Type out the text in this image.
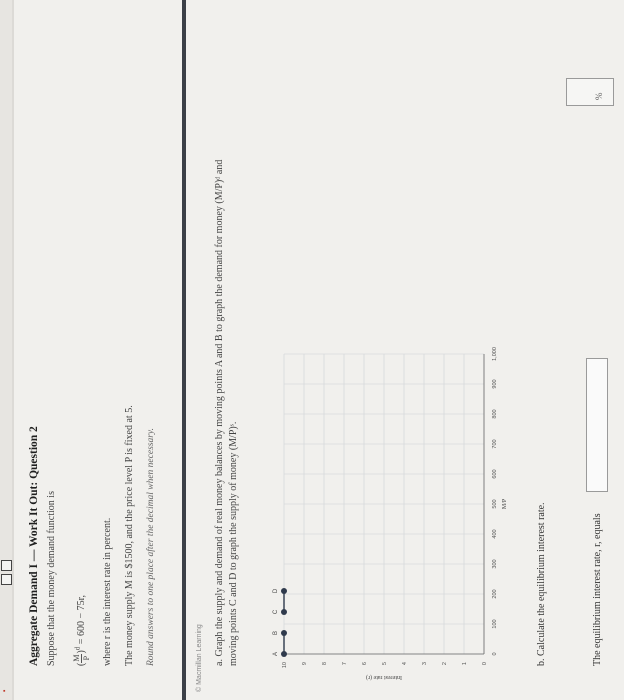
▪
Aggregate Demand I — Work It Out: Question 2 Suppose that the money demand function is	(
M P
)$^d$ = 600 − 75r,	where r is the interest rate in percent. The money supply M is $1500, and the price level P is fixed at 5. Round answers to one place after the decimal when necessary.	© Macmillan Learning a. Graph the supply and demand of real money balances by moving points A and B to graph the demand for money (M/P)ᵈ and moving points C and D to graph the supply of money (M/P)ˢ.	0
100
200
300
400
500
600
700
800
900
1,000
0
1
2
3
4
5
6
7
8
9
10
M/P
Interest rate (r)
A
B
C
D	b. Calculate the equilibrium interest rate.	The equilibrium interest rate, r, equals
%
